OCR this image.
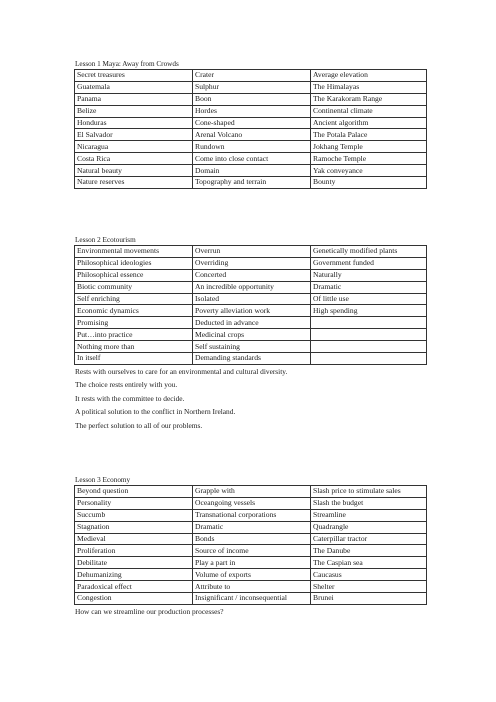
Lesson 1 Maya: Away from Crowds
Secret treasures	Crater	Average elevation
Guatemala	Sulphur	The Himalayas
Panama	Boon	The Karakoram Range
Belize	Hordes	Continental climate
Honduras	Cone-shaped	Ancient algorithm
El Salvador	Arenal Volcano	The Potala Palace
Nicaragua	Rundown	Jokhang Temple
Costa Rica	Come into close contact	Ramoche Temple
Natural beauty	Domain	Yak conveyance
Nature reserves	Topography and terrain	Bounty
Lesson 2 Ecotourism
Environmental movements	Overrun	Genetically modified plants
Philosophical ideologies	Overriding	Government funded
Philosophical essence	Concerted	Naturally
Biotic community	An incredible opportunity	Dramatic
Self enriching	Isolated	Of little use
Economic dynamics	Poverty alleviation work	High spending
Promising	Deducted in advance	
Put…into practice	Medicinal crops	
Nothing more than	Self sustaining	
In itself	Demanding standards	
Rests with ourselves to care for an environmental and cultural diversity.
The choice rests entirely with you.
It rests with the committee to decide.
A political solution to the conflict in Northern Ireland.
The perfect solution to all of our problems.
Lesson 3 Economy
Beyond question	Grapple with	Slash price to stimulate sales
Personality	Oceangoing vessels	Slash the budget
Succumb	Transnational corporations	Streamline
Stagnation	Dramatic	Quadrangle
Medieval	Bonds	Caterpillar tractor
Proliferation	Source of income	The Danube
Debilitate	Play a part in	The Caspian sea
Dehumanizing	Volume of exports	Caucasus
Paradoxical effect	Attribute to	Shelter
Congestion	Insignificant / inconsequential	Brunei
How can we streamline our production processes?
